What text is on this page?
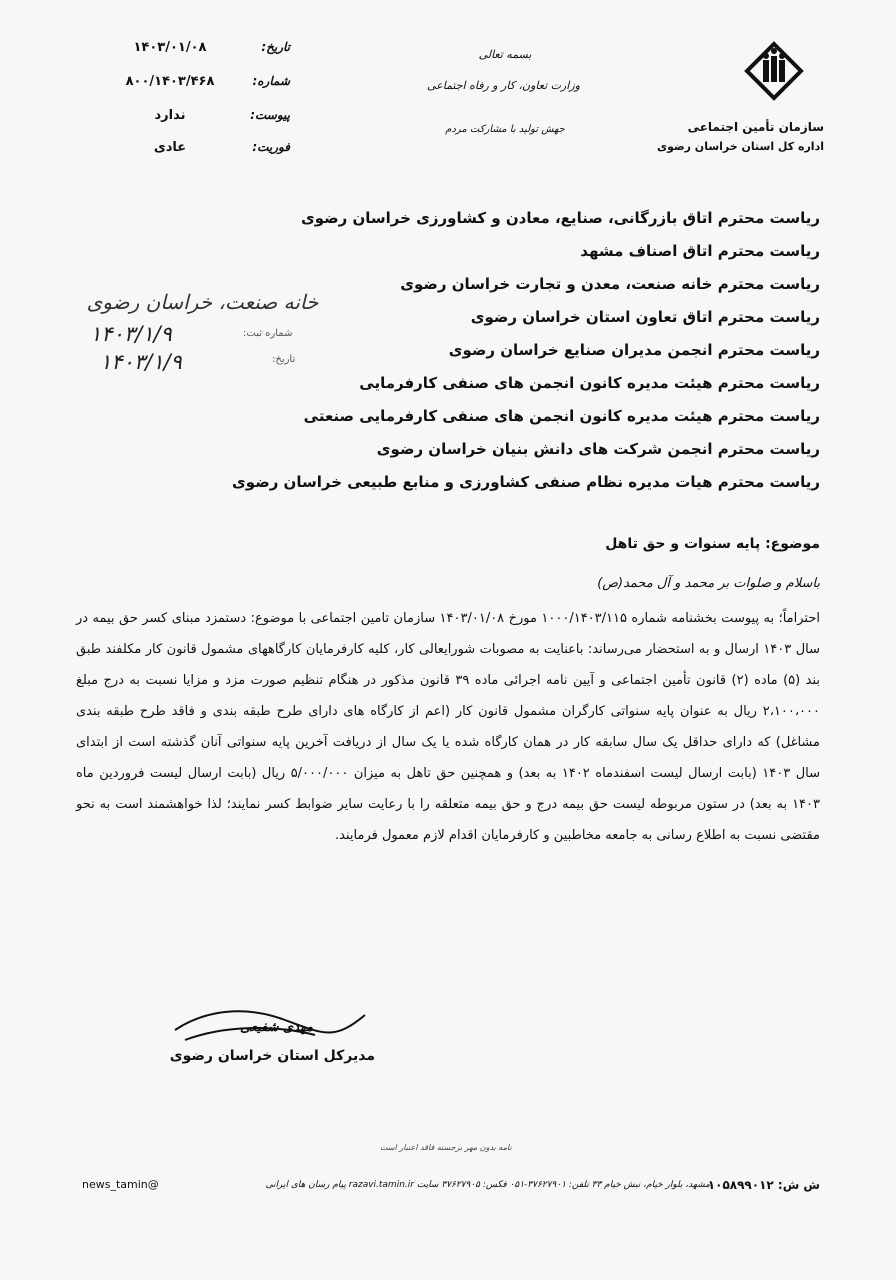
سازمان تأمین اجتماعی
اداره کل استان خراسان رضوی
بسمه تعالی
وزارت تعاون، کار و رفاه اجتماعی
جهش تولید با مشارکت مردم
تاریخ:
۱۴۰۳/۰۱/۰۸
شماره:
۸۰۰/۱۴۰۳/۴۶۸
پیوست:
ندارد
فوریت:
عادی
ریاست محترم اتاق بازرگانی، صنایع، معادن و کشاورزی خراسان رضوی
ریاست محترم اتاق اصناف مشهد
ریاست محترم خانه صنعت، معدن و تجارت خراسان رضوی
ریاست محترم اتاق تعاون استان خراسان رضوی
ریاست محترم انجمن مدیران صنایع خراسان رضوی
ریاست محترم هیئت مدیره کانون انجمن های صنفی کارفرمایی
ریاست محترم هیئت مدیره کانون انجمن های صنفی کارفرمایی صنعتی
ریاست محترم انجمن شرکت های دانش بنیان خراسان رضوی
ریاست محترم هیات مدیره نظام صنفی کشاورزی و منابع طبیعی خراسان رضوی
خانه صنعت، خراسان رضوی
شماره ثبت:
۱۴۰۳/۱/۹
تاریخ:
۱۴۰۳/۱/۹
موضوع: پایه سنوات و حق تاهل
باسلام و صلوات بر محمد و آل محمد(ص)
احتراماً؛ به پیوست بخشنامه شماره ۱۰۰۰/۱۴۰۳/۱۱۵ مورخ ۱۴۰۳/۰۱/۰۸ سازمان تامین اجتماعی با موضوع: دستمزد مبنای کسر حق بیمه در سال ۱۴۰۳ ارسال و به استحضار می‌رساند: باعنایت به مصوبات شورایعالی کار، کلیه کارفرمایان کارگاههای مشمول قانون کار مکلفند طبق بند (۵) ماده (۲) قانون تأمین اجتماعی و آیین نامه اجرائی ماده ۳۹ قانون مذکور در هنگام تنظیم صورت مزد و مزایا نسبت به درج مبلغ ۲،۱۰۰،۰۰۰ ریال به عنوان پایه سنواتی کارگران مشمول قانون کار (اعم از کارگاه های دارای طرح طبقه بندی و فاقد طرح طبقه بندی مشاغل) که دارای حداقل یک سال سابقه کار در همان کارگاه شده یا یک سال از دریافت آخرین پایه سنواتی آنان گذشته است از ابتدای سال ۱۴۰۳ (بابت ارسال لیست اسفندماه ۱۴۰۲ به بعد) و همچنین حق تاهل به میزان ۵/۰۰۰/۰۰۰ ریال (بابت ارسال لیست فروردین ماه ۱۴۰۳ به بعد) در ستون مربوطه لیست حق بیمه درج و حق بیمه متعلقه را با رعایت سایر ضوابط کسر نمایند؛ لذا خواهشمند است به نحو مقتضی نسبت به اطلاع رسانی به جامعه مخاطبین و کارفرمایان اقدام لازم معمول فرمایند.
مهدی شفیعی
مدیرکل استان خراسان رضوی
نامه بدون مهر برجسته فاقد اعتبار است
ش ش: ۱۰۵۸۹۹۰۱۲
مشهد، بلوار خیام، نبش خیام ۳۳ تلفن: ۳۷۶۲۷۹۰۱-۰۵۱ فکس: ۳۷۶۲۷۹۰۵ سایت razavi.tamin.ir پیام رسان های ایرانی
@news_tamin
